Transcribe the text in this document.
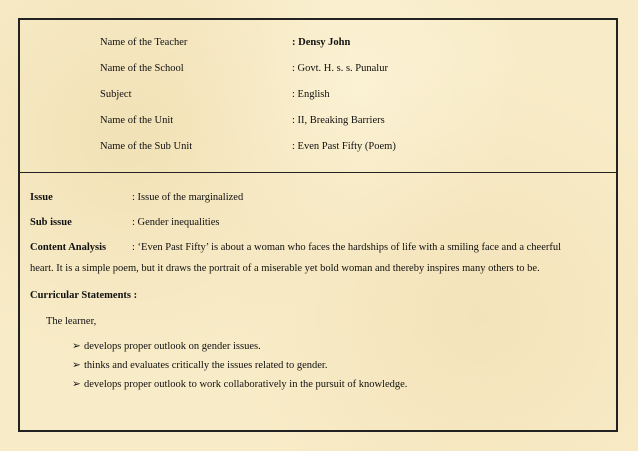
Name of the Teacher	: Densy John
Name of the School	: Govt. H. s. s. Punalur
Subject	: English
Name of the Unit	: II, Breaking Barriers
Name of the Sub Unit	: Even Past Fifty (Poem)
Issue	: Issue of the marginalized
Sub issue	: Gender inequalities
Content Analysis : ‘Even Past Fifty’ is about a woman who faces the hardships of life with a smiling face and a cheerful
heart. It is a simple poem, but it draws the portrait of a miserable yet bold woman and thereby inspires many others to be.
Curricular Statements :
The learner,
➢ develops proper outlook on gender issues.
➢ thinks and evaluates critically the issues related to gender.
➢ develops proper outlook to work collaboratively in the pursuit of knowledge.
